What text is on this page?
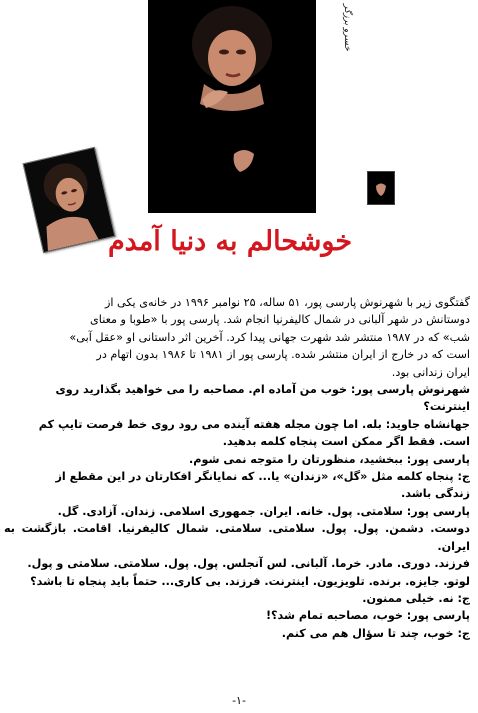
خسرو برزگر
خوشحالم به دنیا آمدم

گفتگوی زیر با شهرنوش پارسی پور، ۵۱ ساله، ۲۵ نوامبر ۱۹۹۶ در خانه‌ی یکی از

دوستانش در شهر آلبانی در شمال کالیفرنیا انجام شد. پارسی پور با «طوبا و معنای

شب» که در ۱۹۸۷ منتشر شد شهرت جهانی پیدا کرد. آخرین اثر داستانی او «عقل آبی»

است که در خارج از ایران منتشر شده. پارسی پور از ۱۹۸۱ تا ۱۹۸۶ بدون اتهام در

ایران زندانی بود.

شهرنوش پارسی پور: خوب من آماده ام. مصاحبه را می خواهید بگذارید روی

اینترنت؟

جهانشاه جاوید: بله. اما چون مجله هفته آینده می رود روی خط فرصت تایپ کم

است. فقط اگر ممکن است پنجاه کلمه بدهید.

پارسی پور: ببخشید، منظورتان را متوجه نمی شوم.

ج: پنجاه کلمه مثل «گل»، «زندان» یا... که نمایانگر افکارتان در این مقطع از

زندگی باشد.

پارسی پور: سلامتی. پول. خانه. ایران. جمهوری اسلامی. زندان. آزادی. گل.

دوست. دشمن. پول. پول. سلامتی. سلامتی. شمال کالیفرنیا. اقامت. بازگشت به ایران.

فرزند. دوری. مادر. خرما. آلبانی. لس آنجلس. پول. پول. سلامتی. سلامتی و پول.

لوتو. جایزه. برنده. تلویزیون. اینترنت. فرزند. بی کاری... حتماً باید پنجاه تا باشد؟

ج: نه. خیلی ممنون.

پارسی پور: خوب، مصاحبه تمام شد؟!

ج: خوب، چند تا سؤال هم می کنم.

-۱-
